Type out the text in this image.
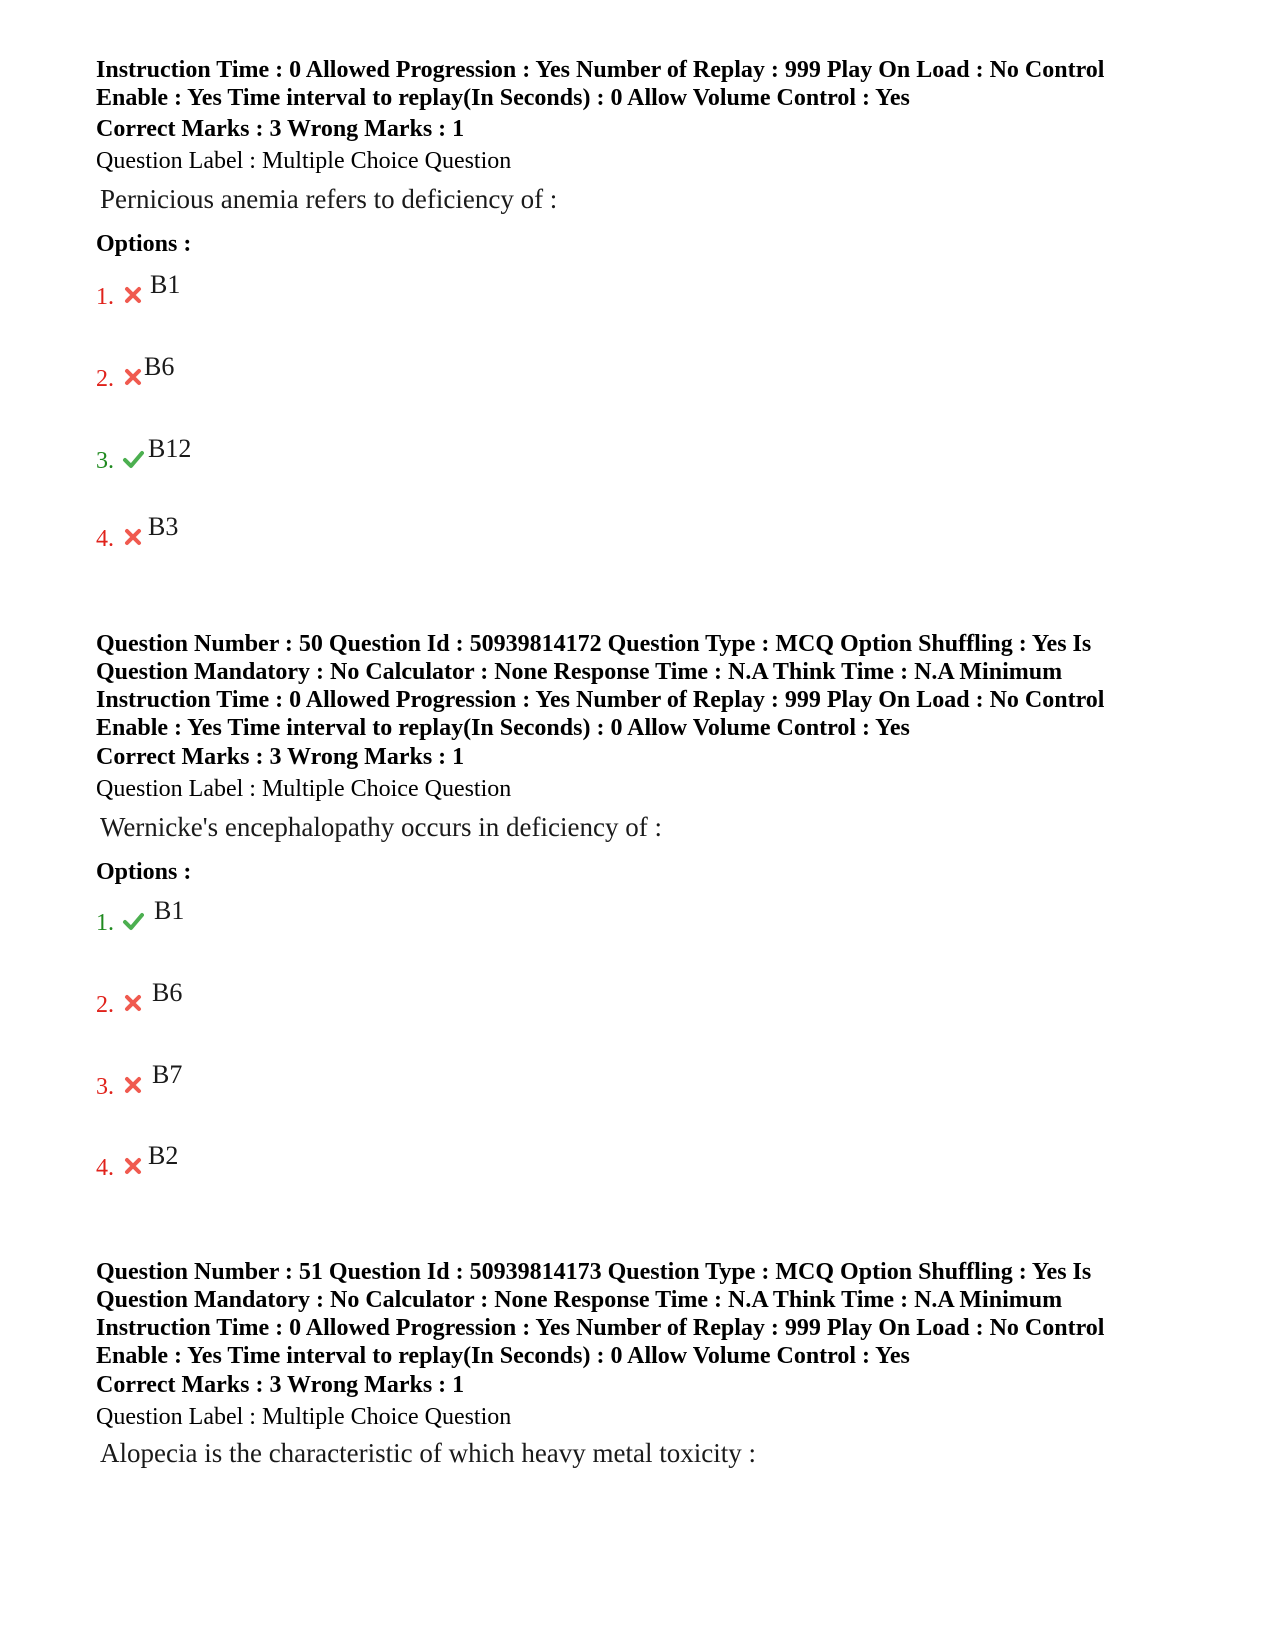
Instruction Time : 0 Allowed Progression : Yes Number of Replay : 999 Play On Load : No Control
Enable : Yes Time interval to replay(In Seconds) : 0 Allow Volume Control : Yes

Correct Marks : 3 Wrong Marks : 1

Question Label : Multiple Choice Question

Pernicious anemia refers to deficiency of :

Options :

1. B1
2. B6
3. B12
4. B3

Question Number : 50 Question Id : 50939814172 Question Type : MCQ Option Shuffling : Yes Is
Question Mandatory : No Calculator : None Response Time : N.A Think Time : N.A Minimum
Instruction Time : 0 Allowed Progression : Yes Number of Replay : 999 Play On Load : No Control
Enable : Yes Time interval to replay(In Seconds) : 0 Allow Volume Control : Yes

Correct Marks : 3 Wrong Marks : 1

Question Label : Multiple Choice Question

Wernicke's encephalopathy occurs in deficiency of :

Options :

1. B1
2. B6
3. B7
4. B2

Question Number : 51 Question Id : 50939814173 Question Type : MCQ Option Shuffling : Yes Is
Question Mandatory : No Calculator : None Response Time : N.A Think Time : N.A Minimum
Instruction Time : 0 Allowed Progression : Yes Number of Replay : 999 Play On Load : No Control
Enable : Yes Time interval to replay(In Seconds) : 0 Allow Volume Control : Yes

Correct Marks : 3 Wrong Marks : 1

Question Label : Multiple Choice Question

Alopecia is the characteristic of which heavy metal toxicity :
